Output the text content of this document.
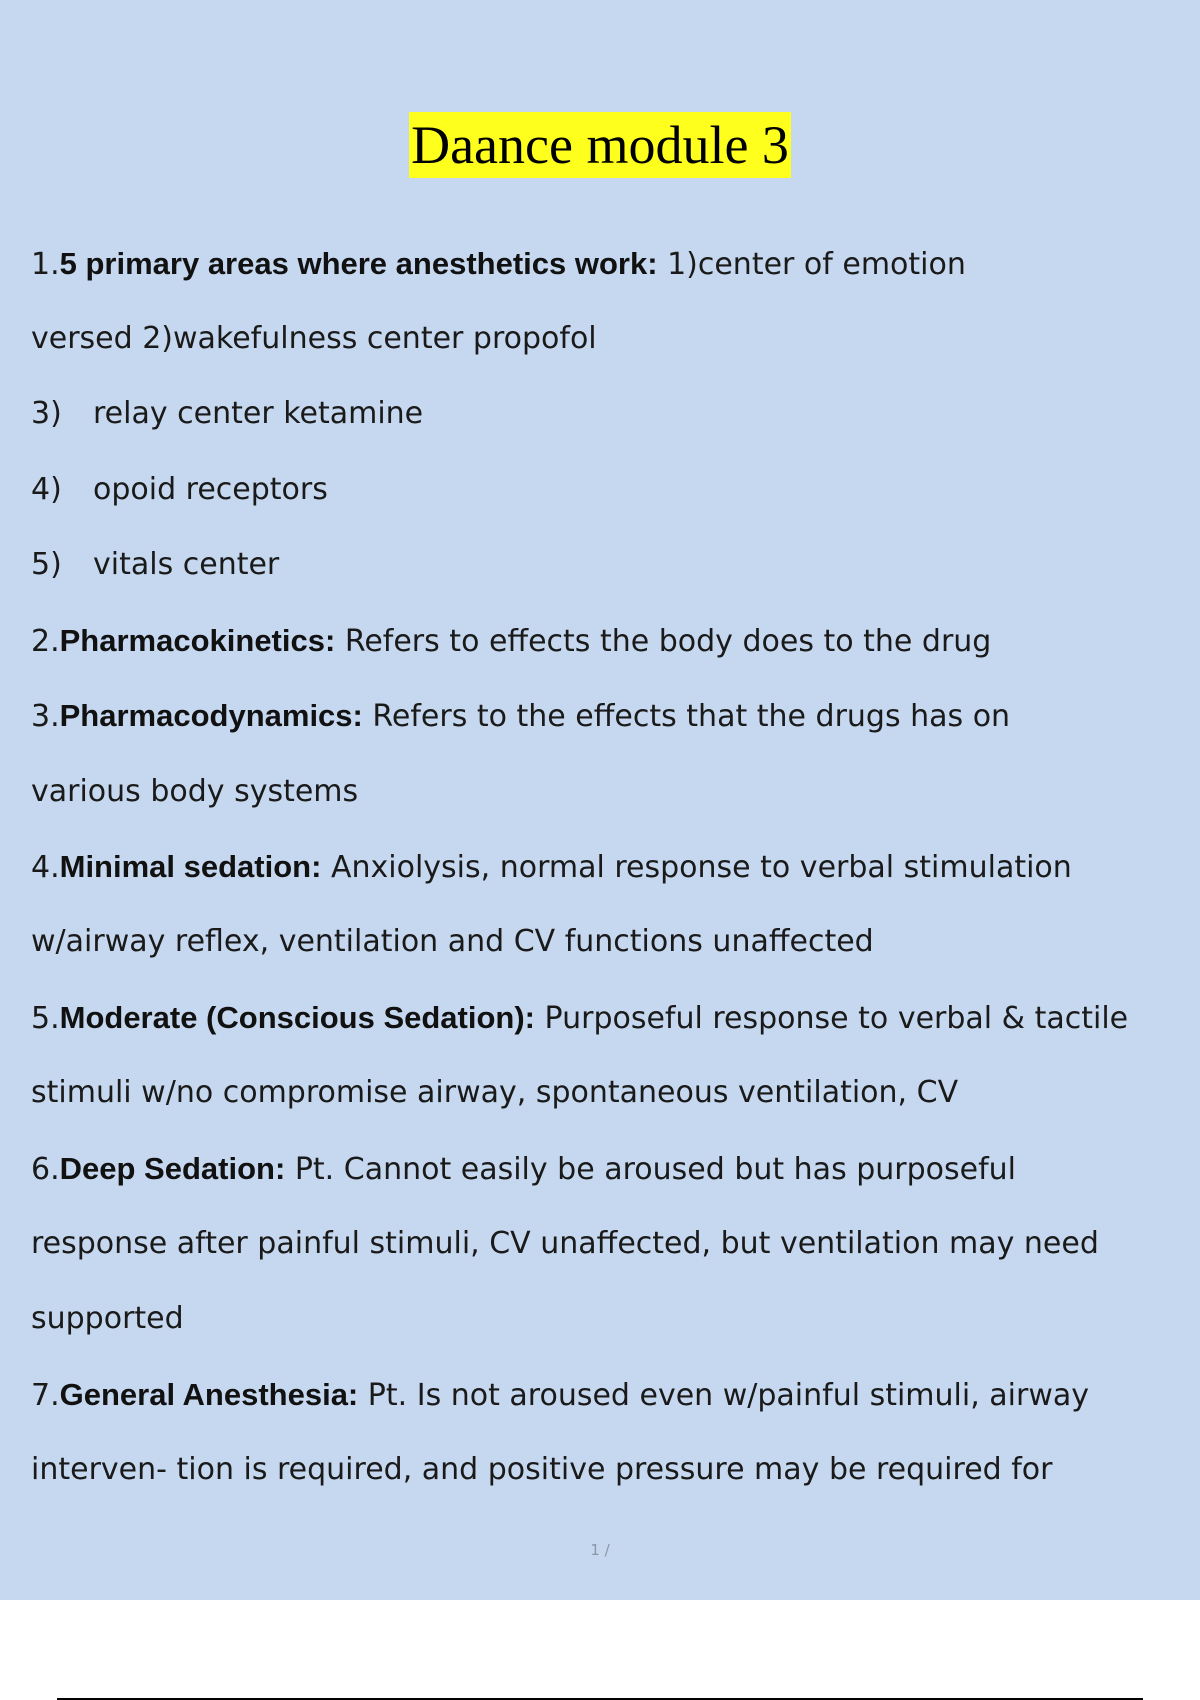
Daance module 3
1.5 primary areas where anesthetics work: 1)center of emotion
versed 2)wakefulness center propofol
3) relay center ketamine
4) opoid receptors
5) vitals center
2.Pharmacokinetics: Refers to effects the body does to the drug
3.Pharmacodynamics: Refers to the effects that the drugs has on
various body systems
4.Minimal sedation: Anxiolysis, normal response to verbal stimulation
w/airway reflex, ventilation and CV functions unaffected
5.Moderate (Conscious Sedation): Purposeful response to verbal & tactile
stimuli w/no compromise airway, spontaneous ventilation, CV
6.Deep Sedation: Pt. Cannot easily be aroused but has purposeful
response after painful stimuli, CV unaffected, but ventilation may need
supported
7.General Anesthesia: Pt. Is not aroused even w/painful stimuli, airway
interven- tion is required, and positive pressure may be required for
1 /
